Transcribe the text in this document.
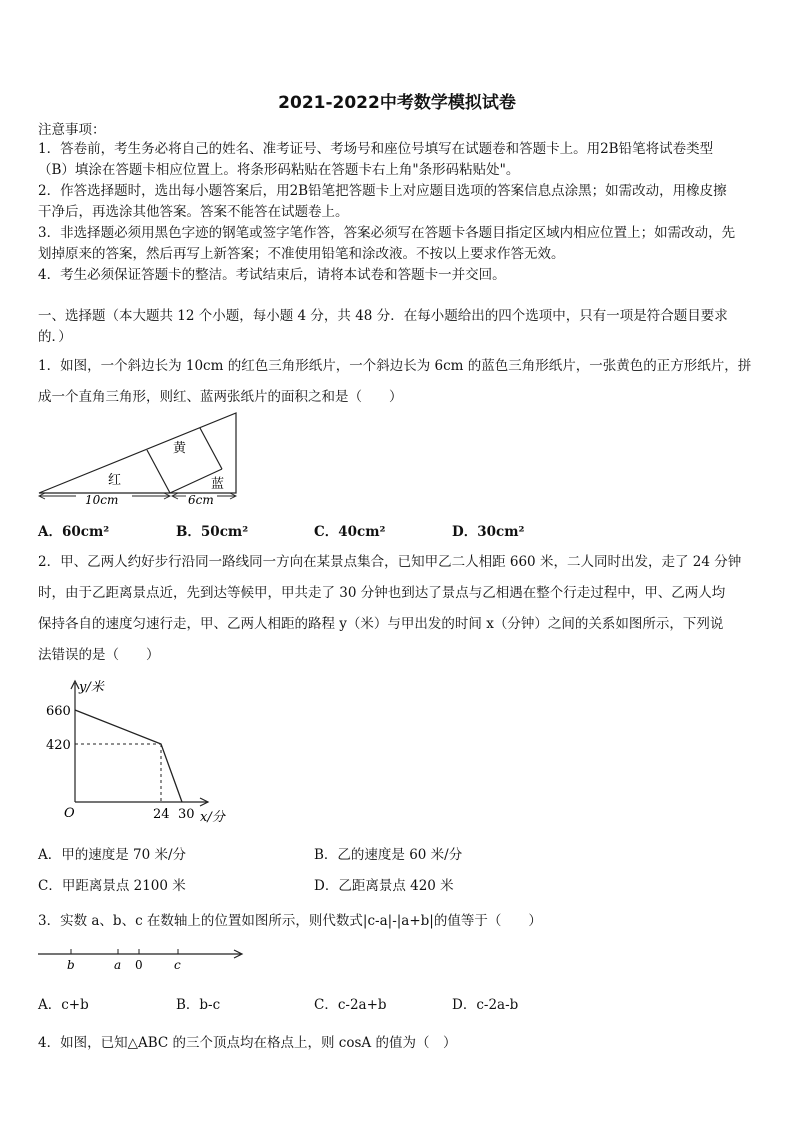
2021-2022中考数学模拟试卷
注意事项：
1．答卷前，考生务必将自己的姓名、准考证号、考场号和座位号填写在试题卷和答题卡上。用2B铅笔将试卷类型
（B）填涂在答题卡相应位置上。将条形码粘贴在答题卡右上角"条形码粘贴处"。
2．作答选择题时，选出每小题答案后，用2B铅笔把答题卡上对应题目选项的答案信息点涂黑；如需改动，用橡皮擦
干净后，再选涂其他答案。答案不能答在试题卷上。
3．非选择题必须用黑色字迹的钢笔或签字笔作答，答案必须写在答题卡各题目指定区域内相应位置上；如需改动，先
划掉原来的答案，然后再写上新答案；不准使用铅笔和涂改液。不按以上要求作答无效。
4．考生必须保证答题卡的整洁。考试结束后，请将本试卷和答题卡一并交回。
一、选择题（本大题共 12 个小题，每小题 4 分，共 48 分．在每小题给出的四个选项中，只有一项是符合题目要求
的．）
1．如图，一个斜边长为 10cm 的红色三角形纸片，一个斜边长为 6cm 的蓝色三角形纸片，一张黄色的正方形纸片，拼
成一个直角三角形，则红、蓝两张纸片的面积之和是（　　）
黄
红	蓝
10cm	6cm
A．60cm²	B．50cm²	C．40cm²	D．30cm²
2．甲、乙两人约好步行沿同一路线同一方向在某景点集合，已知甲乙二人相距 660 米，二人同时出发，走了 24 分钟
时，由于乙距离景点近，先到达等候甲，甲共走了 30 分钟也到达了景点与乙相遇在整个行走过程中，甲、乙两人均
保持各自的速度匀速行走，甲、乙两人相距的路程 y（米）与甲出发的时间 x（分钟）之间的关系如图所示，下列说
法错误的是（　　）
y/米
x/分
660
420
O	24 30
A．甲的速度是 70 米/分	B．乙的速度是 60 米/分
C．甲距离景点 2100 米	D．乙距离景点 420 米
3．实数 a、b、c 在数轴上的位置如图所示，则代数式|c-a|-|a+b|的值等于（　　）
b	a 0	c
A．c+b	B．b-c	C．c-2a+b	D．c-2a-b
4．如图，已知△ABC 的三个顶点均在格点上，则 cosA 的值为（　）
